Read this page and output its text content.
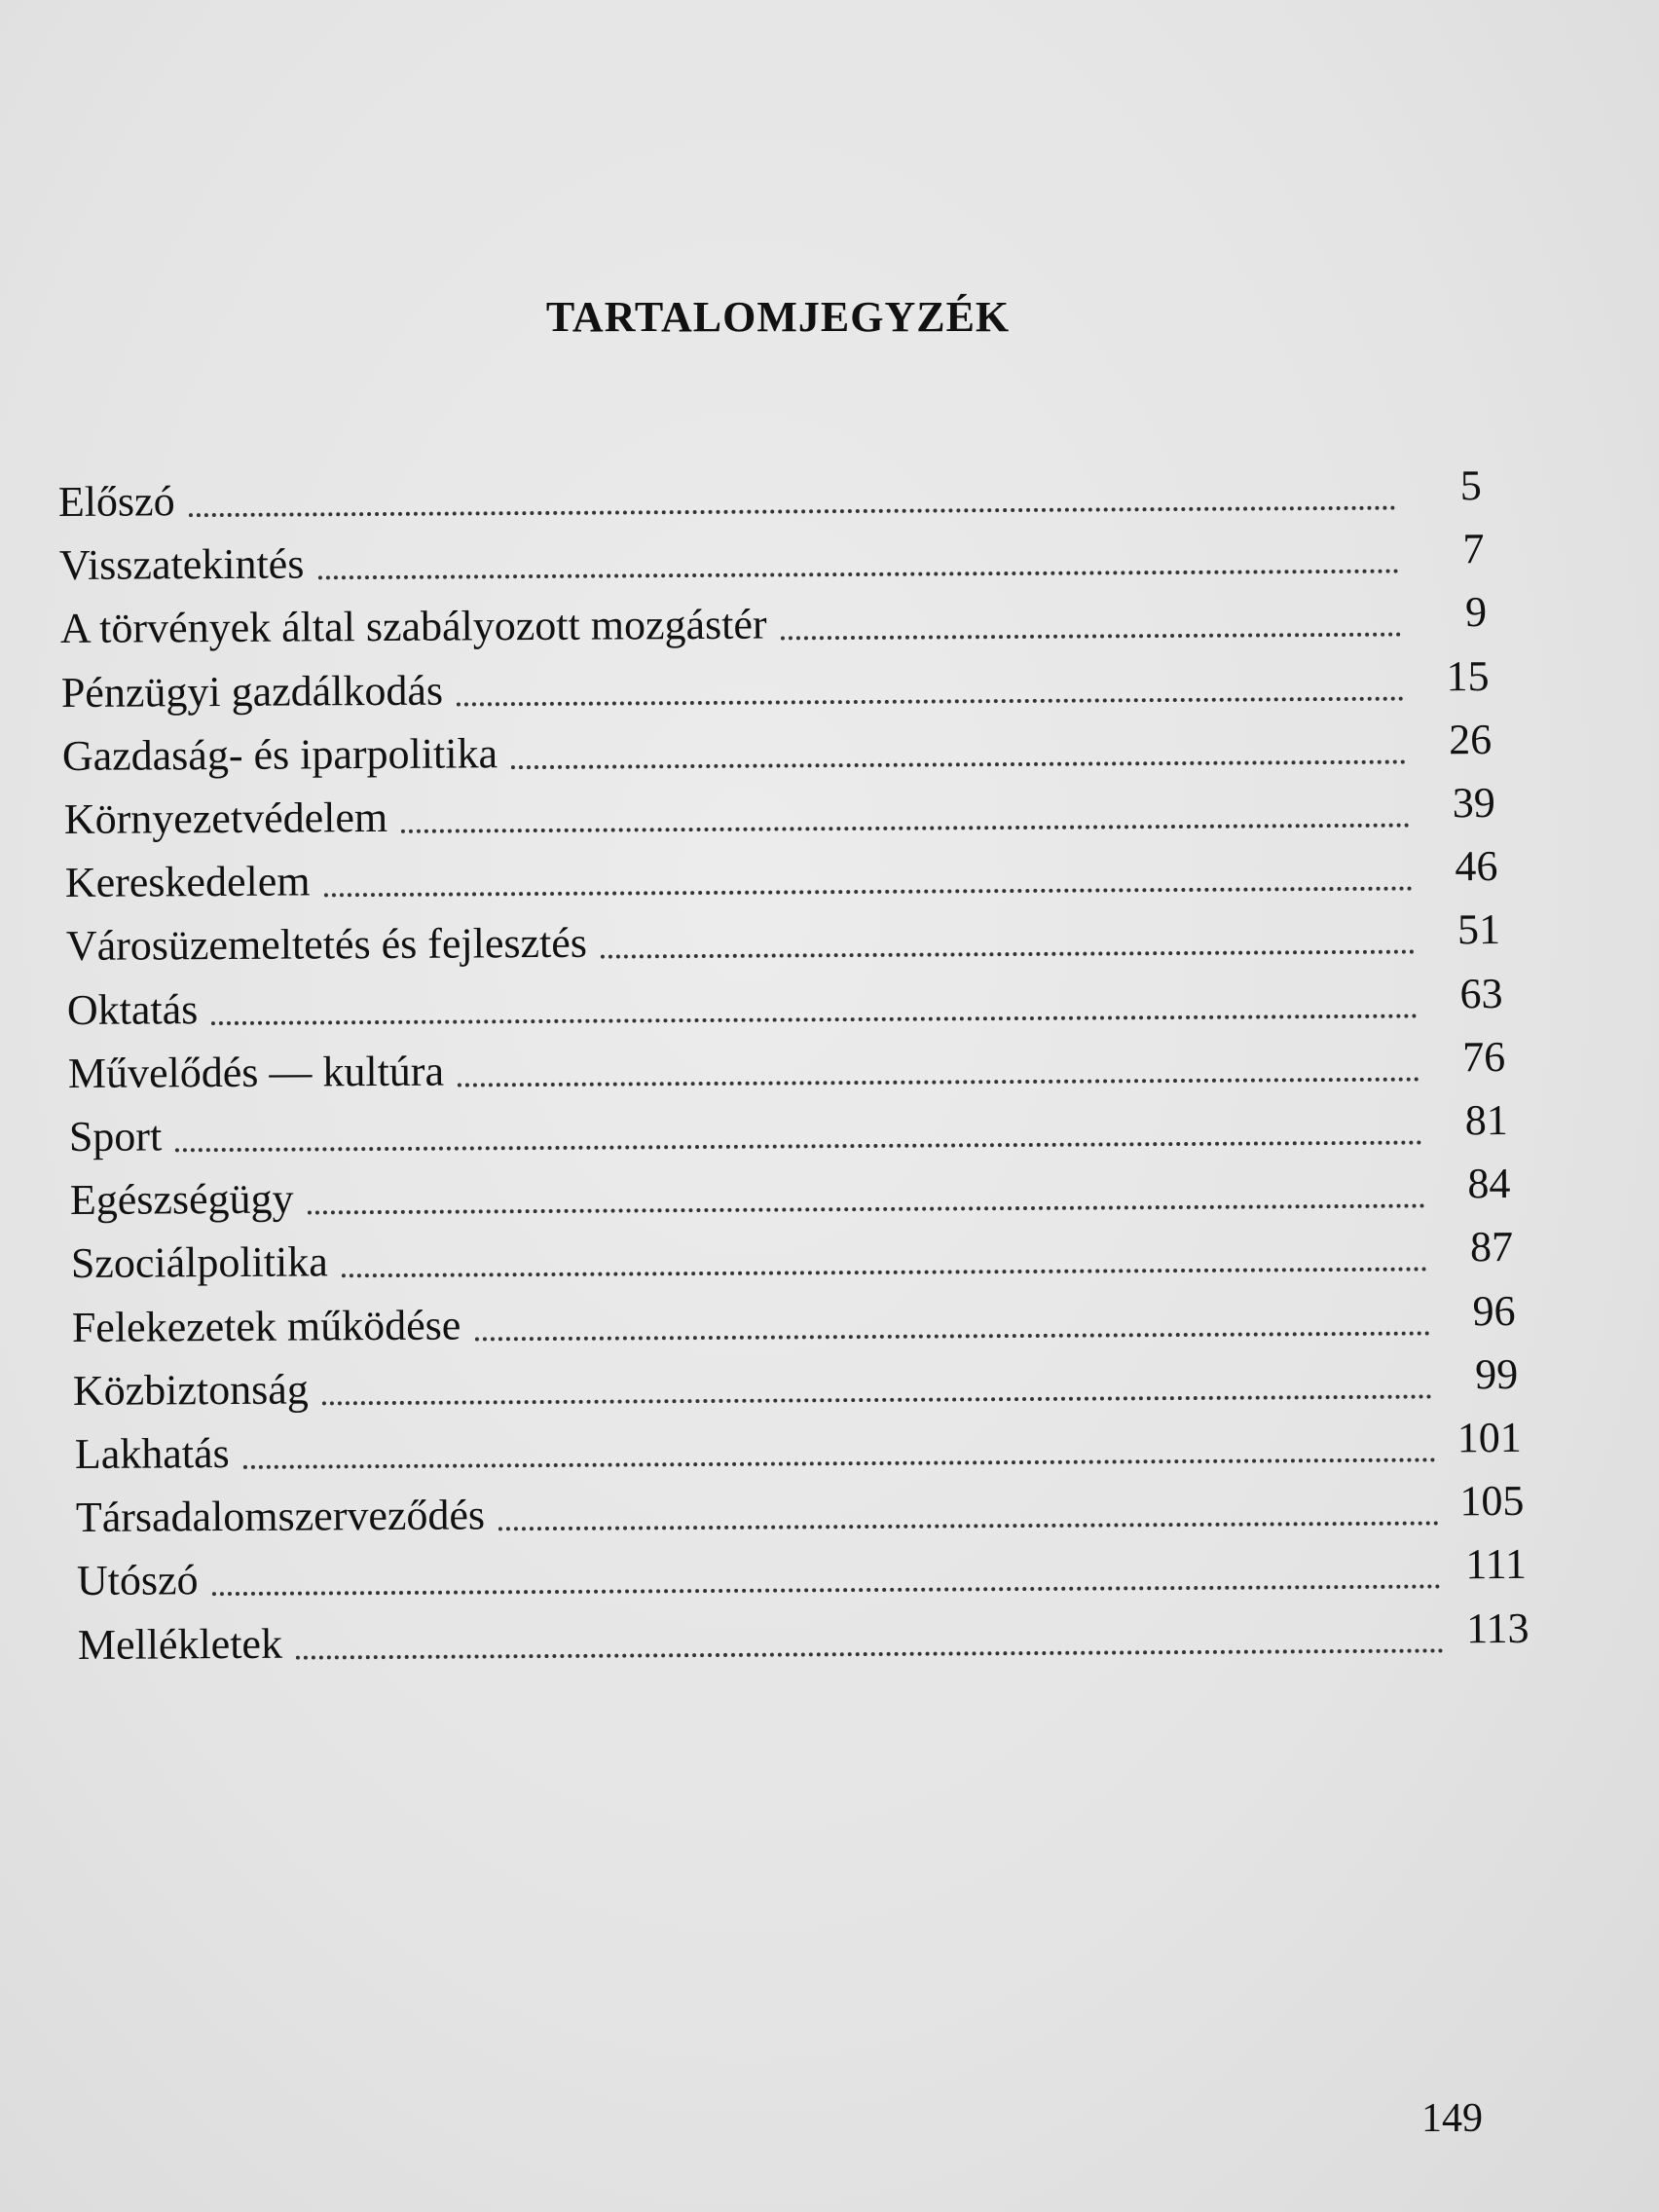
TARTALOMJEGYZÉK
Előszó	5
Visszatekintés	7
A törvények által szabályozott mozgástér	9
Pénzügyi gazdálkodás	15
Gazdaság- és iparpolitika	26
Környezetvédelem	39
Kereskedelem	46
Városüzemeltetés és fejlesztés	51
Oktatás	63
Művelődés — kultúra	76
Sport	81
Egészségügy	84
Szociálpolitika	87
Felekezetek működése	96
Közbiztonság	99
Lakhatás	101
Társadalomszerveződés	105
Utószó	111
Mellékletek	113
149
